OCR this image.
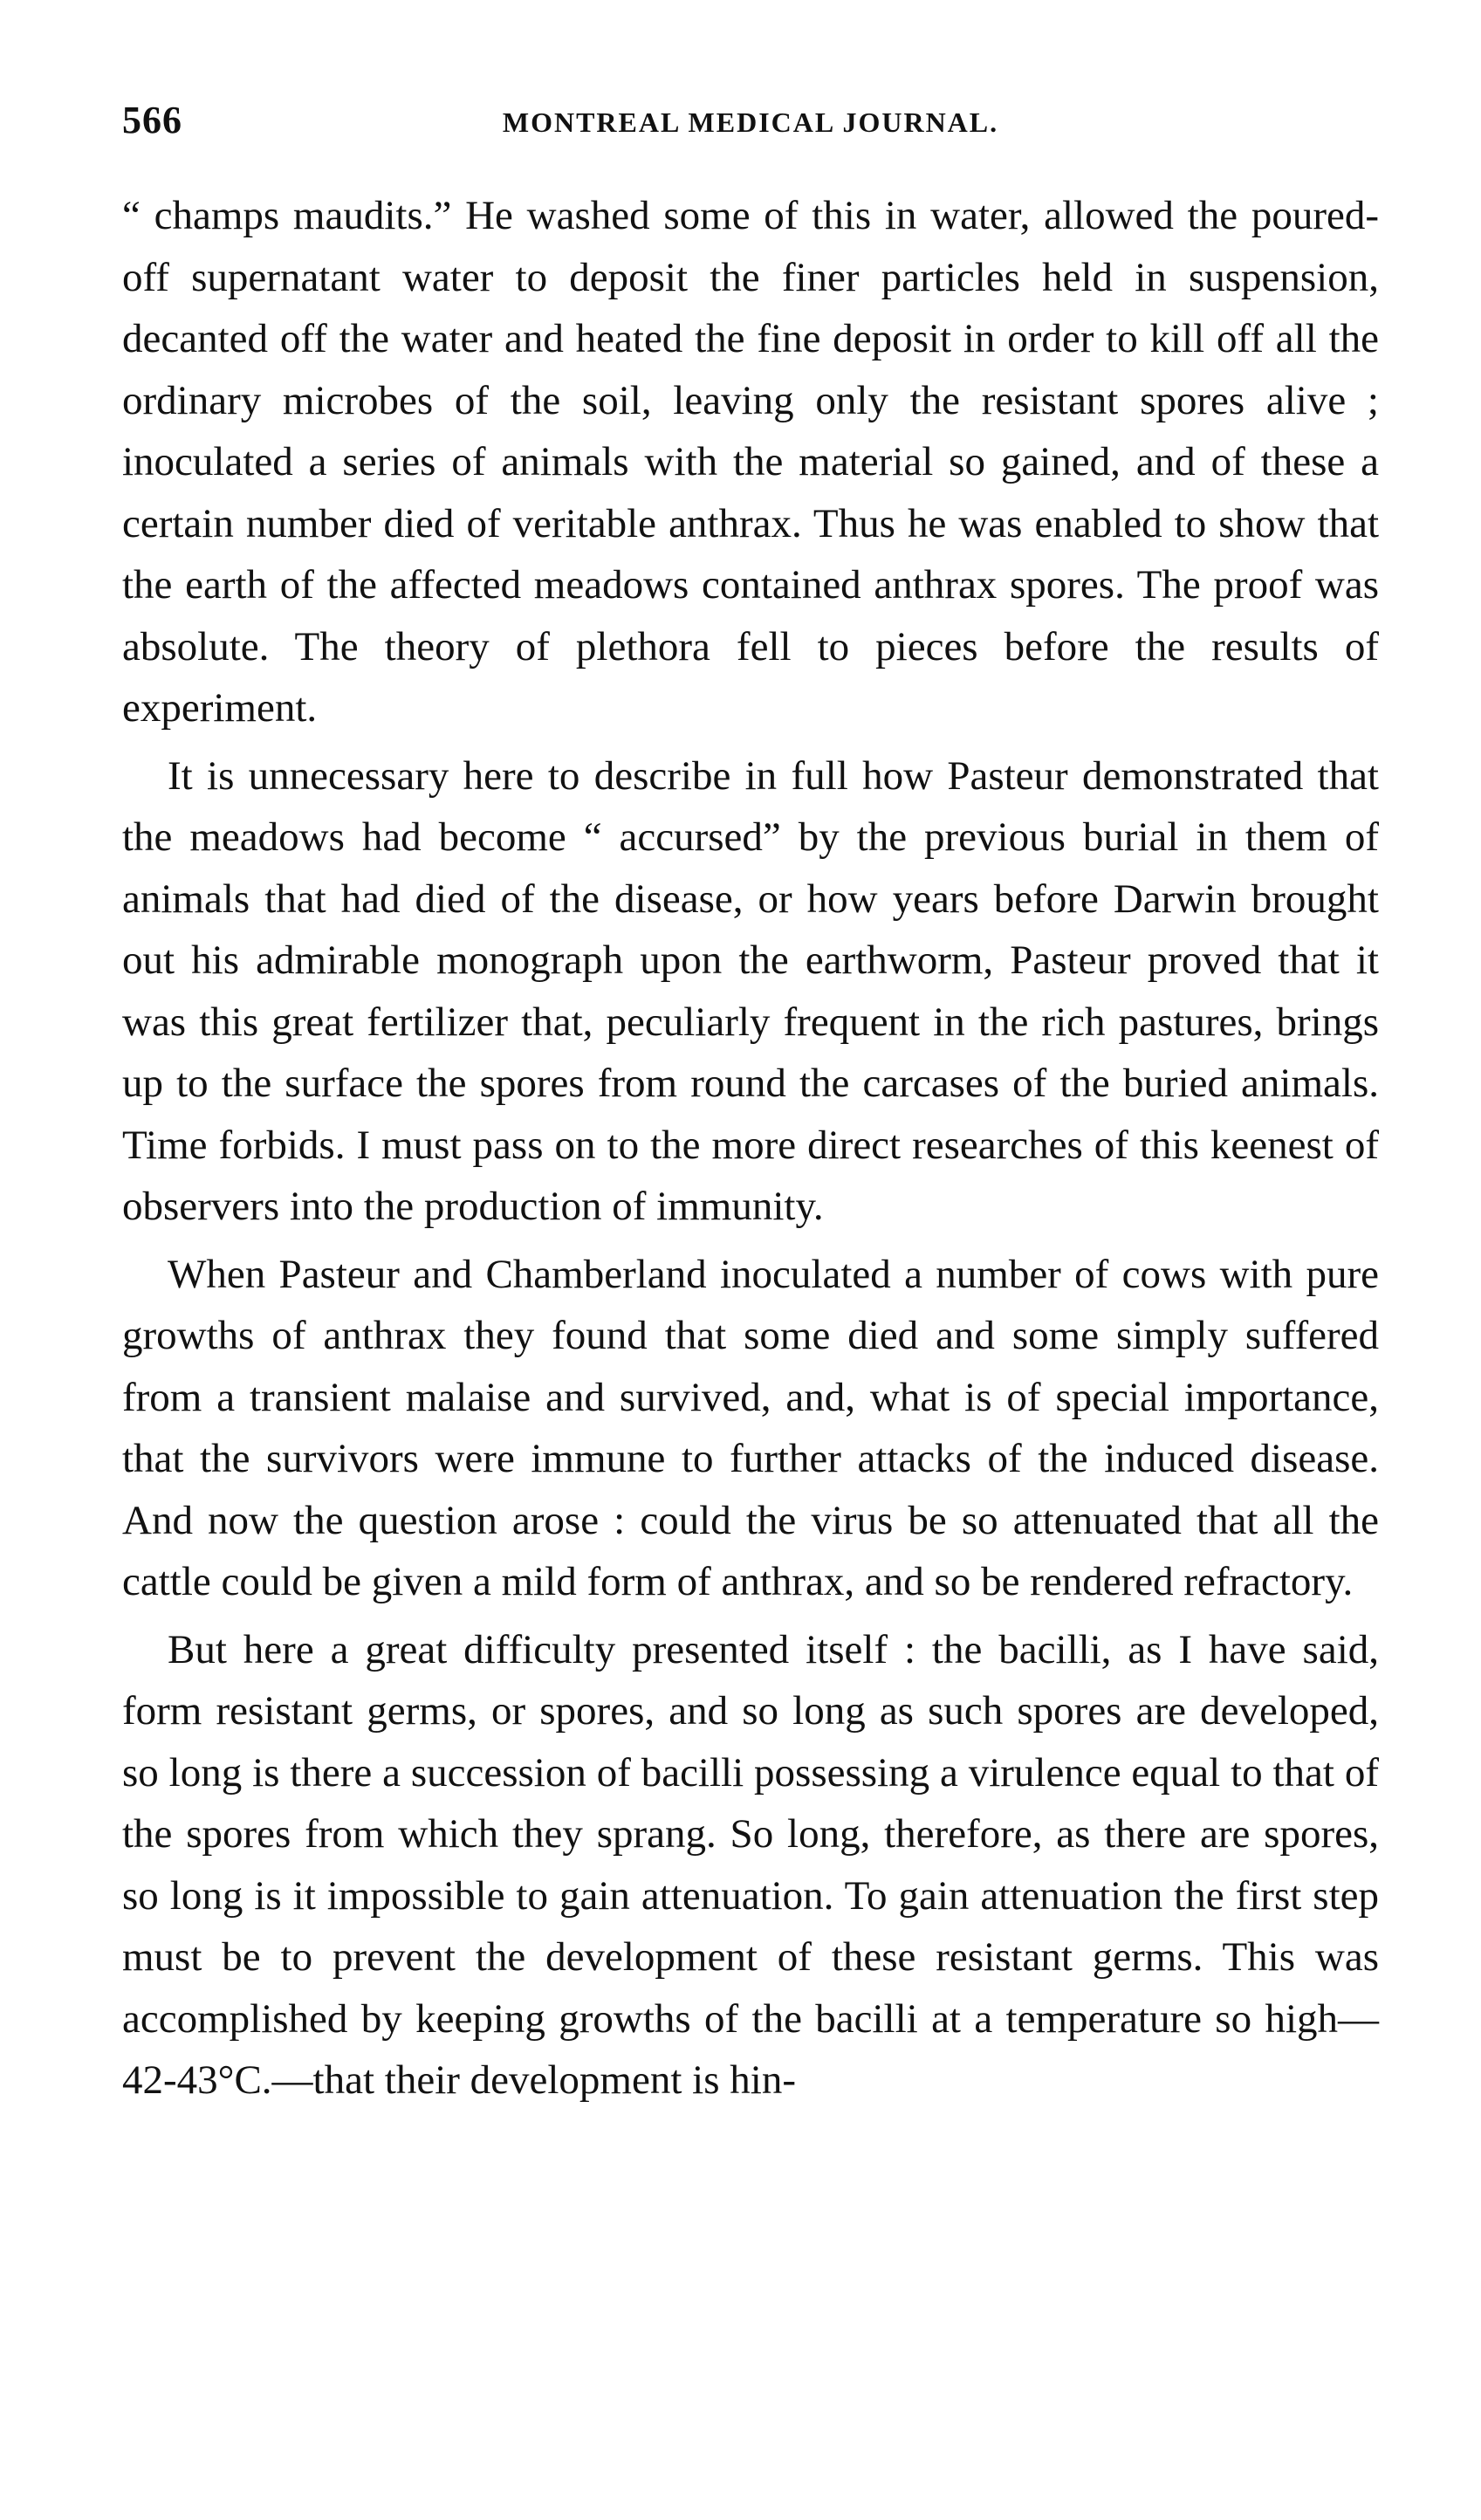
566	MONTREAL MEDICAL JOURNAL.

“ champs maudits.” He washed some of this in water, allowed the poured-off supernatant water to deposit the finer particles held in suspension, decanted off the water and heated the fine deposit in order to kill off all the ordinary microbes of the soil, leaving only the resistant spores alive ; inoculated a series of animals with the material so gained, and of these a certain number died of veritable anthrax. Thus he was enabled to show that the earth of the affected meadows contained anthrax spores. The proof was absolute. The theory of plethora fell to pieces before the results of experiment.

It is unnecessary here to describe in full how Pasteur demonstrated that the meadows had become “ accursed” by the previous burial in them of animals that had died of the disease, or how years before Darwin brought out his admirable monograph upon the earthworm, Pasteur proved that it was this great fertilizer that, peculiarly frequent in the rich pastures, brings up to the surface the spores from round the carcases of the buried animals. Time forbids. I must pass on to the more direct researches of this keenest of observers into the production of immunity.

When Pasteur and Chamberland inoculated a number of cows with pure growths of anthrax they found that some died and some simply suffered from a transient malaise and survived, and, what is of special importance, that the survivors were immune to further attacks of the induced disease. And now the question arose : could the virus be so attenuated that all the cattle could be given a mild form of anthrax, and so be rendered refractory.

But here a great difficulty presented itself : the bacilli, as I have said, form resistant germs, or spores, and so long as such spores are developed, so long is there a succession of bacilli possessing a virulence equal to that of the spores from which they sprang. So long, therefore, as there are spores, so long is it impossible to gain attenuation. To gain attenuation the first step must be to prevent the development of these resistant germs. This was accomplished by keeping growths of the bacilli at a temperature so high—42-43°C.—that their development is hin-
